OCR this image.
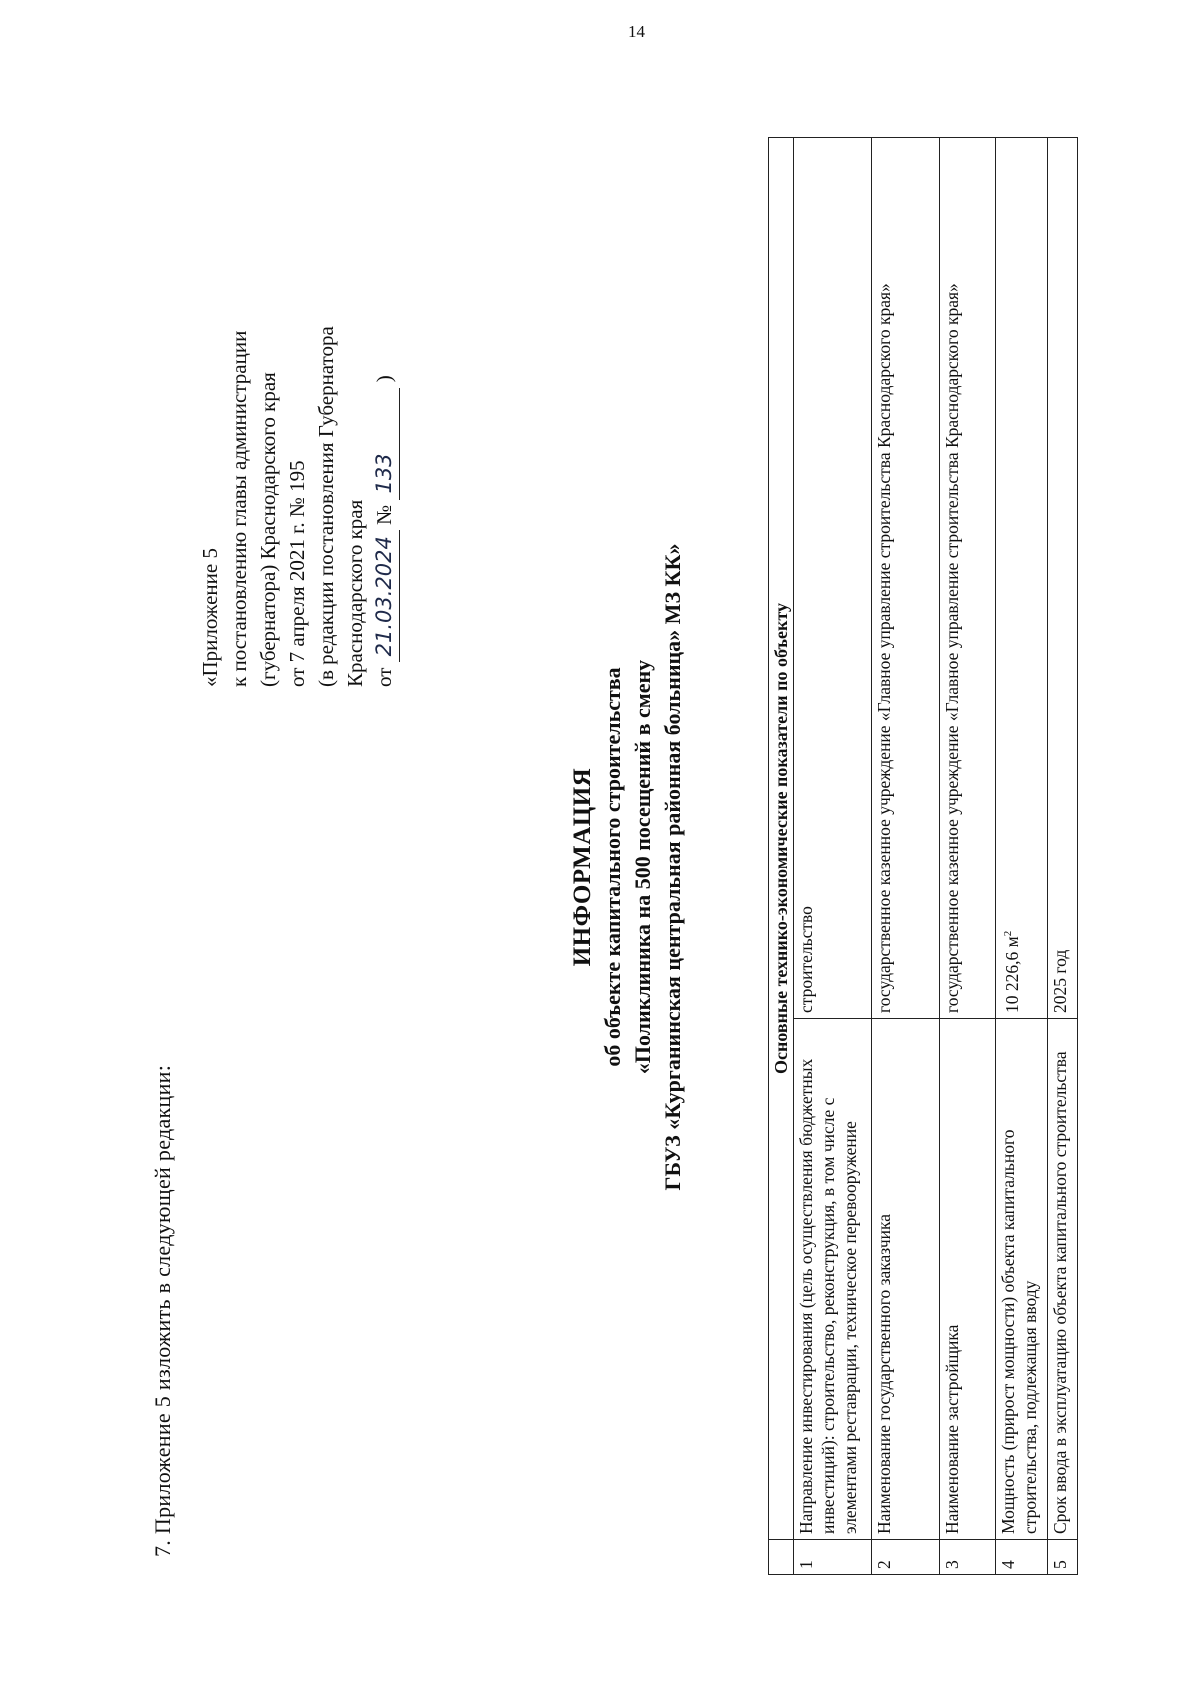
14
7. Приложение 5 изложить в следующей редакции:
«Приложение 5 к постановлению главы администрации (губернатора) Краснодарского края от 7 апреля 2021 г. № 195 (в редакции постановления Губернатора Краснодарского края от 21.03.2024 № 133 )
ИНФОРМАЦИЯ об объекте капитального строительства «Поликлиника на 500 посещений в смену ГБУЗ «Курганинская центральная районная больница» МЗ КК»
		Основные технико-экономические показатели по объекту	
1	Направление инвестирования (цель осуществления бюджетных инвестиций): строительство, реконструкция, в том числе с элементами реставрации, техническое перевооружение	строительство
2	Наименование государственного заказчика	государственное казенное учреждение «Главное управление строительства Краснодарского края»
3	Наименование застройщика	государственное казенное учреждение «Главное управление строительства Краснодарского края»
4	Мощность (прирост мощности) объекта капитального строительства, подлежащая вводу	10 226,6 $м^2$
5	Срок ввода в эксплуатацию объекта капитального строительства	2025 год
